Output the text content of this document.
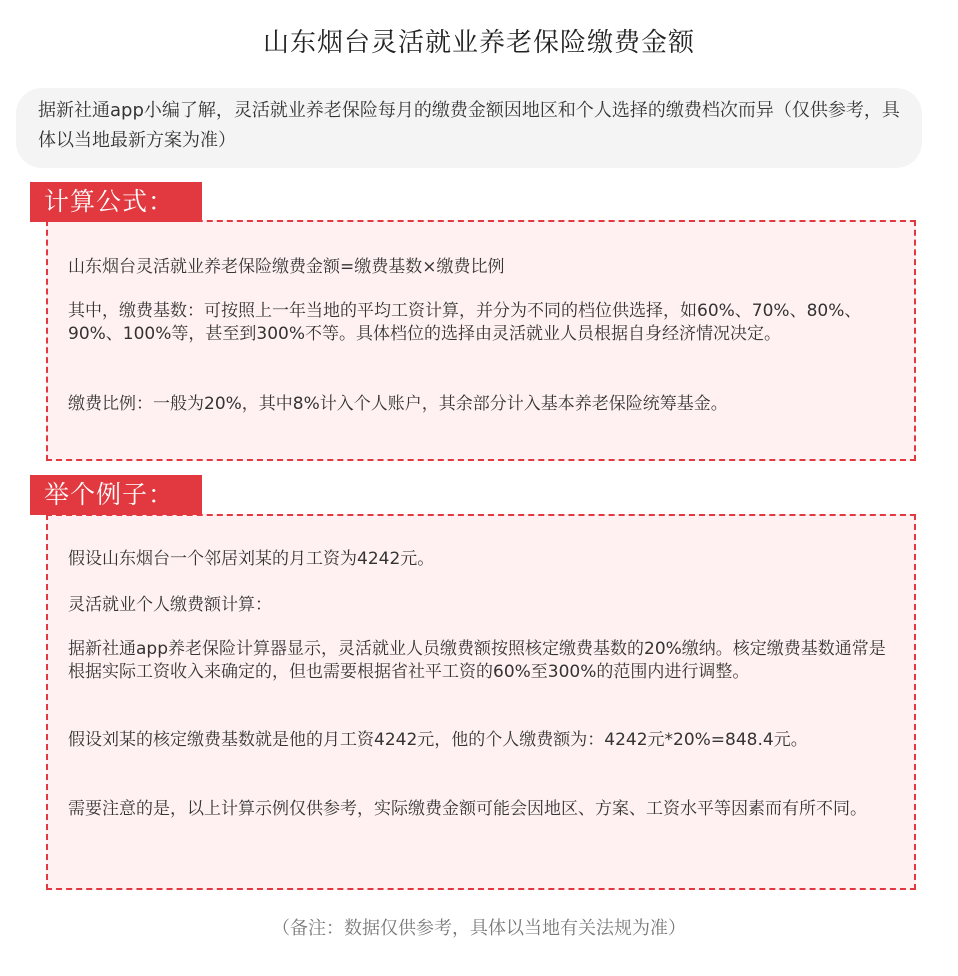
山东烟台灵活就业养老保险缴费金额
据新社通app小编了解，灵活就业养老保险每月的缴费金额因地区和个人选择的缴费档次而异（仅供参考，具体以当地最新方案为准）
计算公式：
山东烟台灵活就业养老保险缴费金额=缴费基数×缴费比例
其中，缴费基数：可按照上一年当地的平均工资计算，并分为不同的档位供选择，如60%、70%、80%、90%、100%等，甚至到300%不等。具体档位的选择由灵活就业人员根据自身经济情况决定。
缴费比例：一般为20%，其中8%计入个人账户，其余部分计入基本养老保险统筹基金。
举个例子：
假设山东烟台一个邻居刘某的月工资为4242元。
灵活就业个人缴费额计算：
据新社通app养老保险计算器显示，灵活就业人员缴费额按照核定缴费基数的20%缴纳。核定缴费基数通常是根据实际工资收入来确定的，但也需要根据省社平工资的60%至300%的范围内进行调整。
假设刘某的核定缴费基数就是他的月工资4242元，他的个人缴费额为：4242元*20%=848.4元。
需要注意的是，以上计算示例仅供参考，实际缴费金额可能会因地区、方案、工资水平等因素而有所不同。
（备注：数据仅供参考，具体以当地有关法规为准）
